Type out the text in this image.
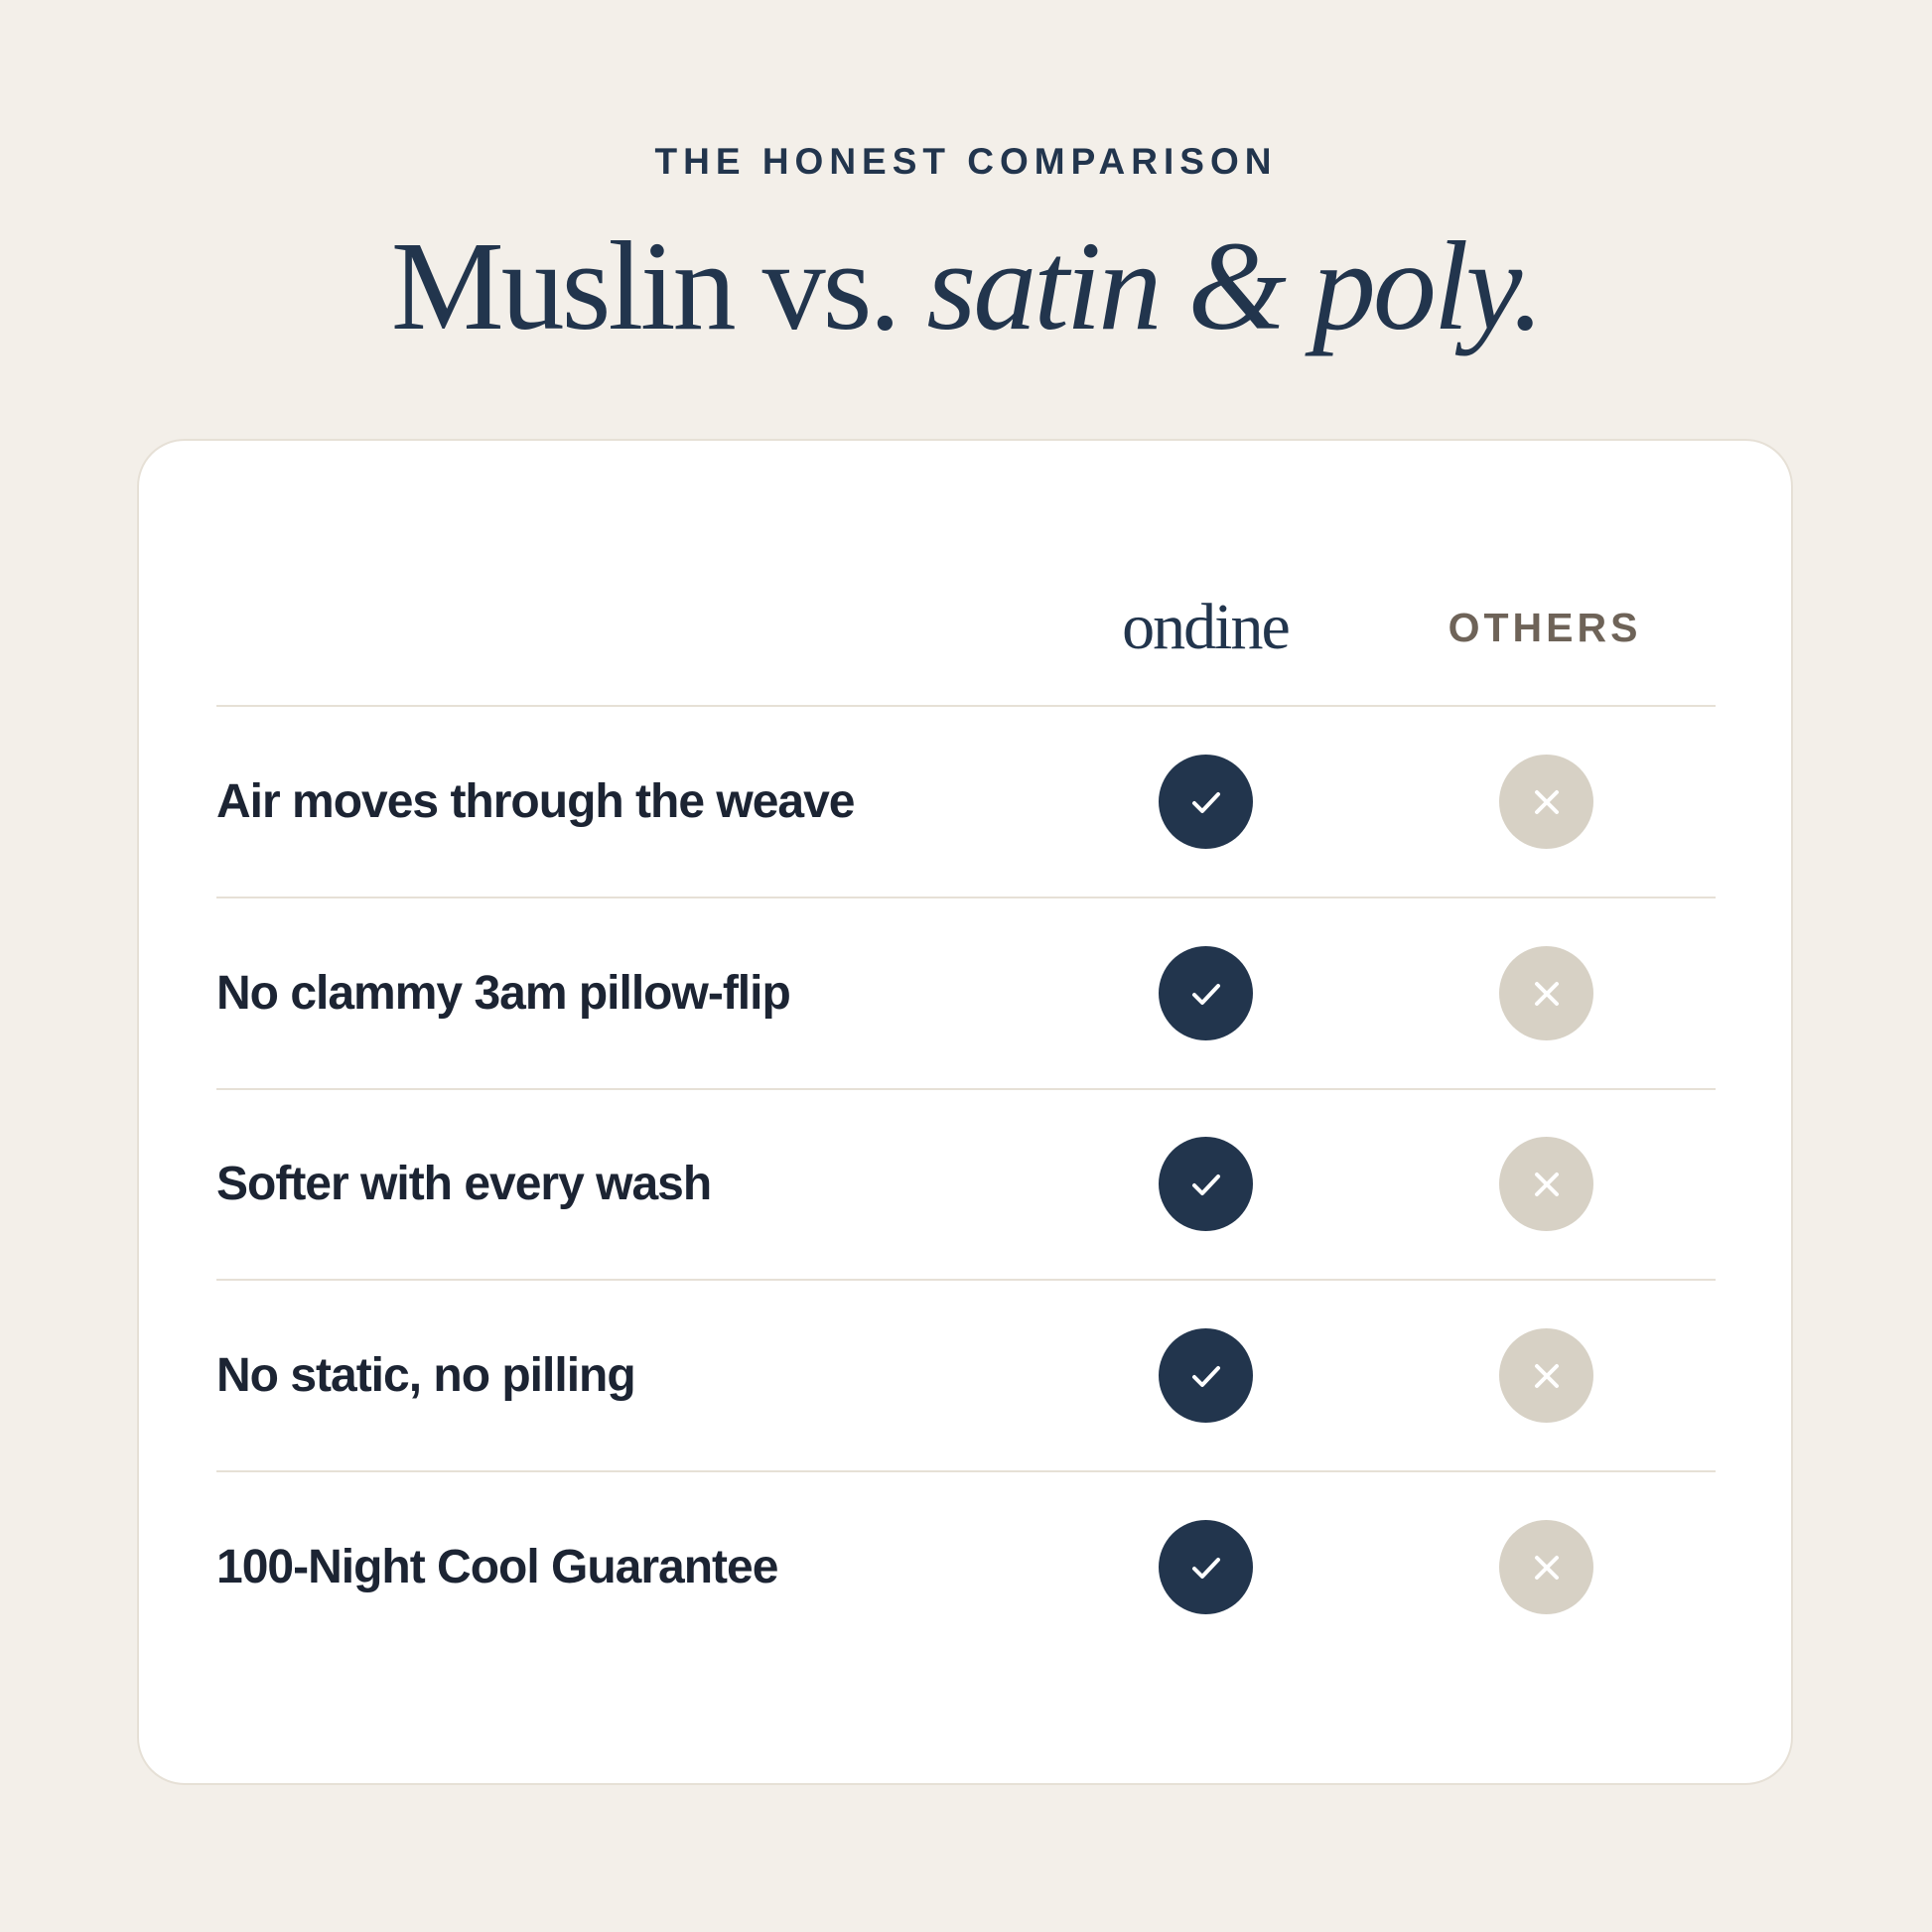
THE HONEST COMPARISON
Muslin vs. satin & poly.
ondine	OTHERS
Air moves through the weave
No clammy 3am pillow-flip
Softer with every wash
No static, no pilling
100-Night Cool Guarantee
